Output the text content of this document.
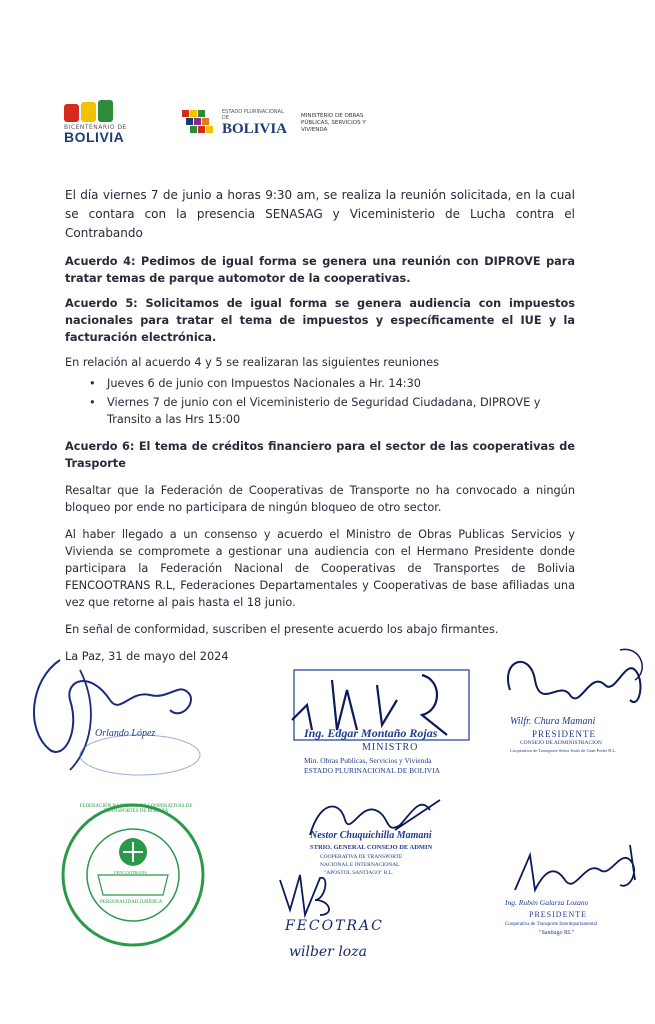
BICENTENARIO DE
BOLIVIA
ESTADO PLURINACIONAL DE
BOLIVIA
MINISTERIO DE OBRAS
PÚBLICAS, SERVICIOS Y VIVIENDA

El día viernes 7 de junio a horas 9:30 am, se realiza la reunión solicitada, en la cual se contara con la presencia SENASAG y Viceministerio de Lucha contra el Contrabando

Acuerdo 4: Pedimos de igual forma se genera una reunión con DIPROVE para tratar temas de parque automotor de la cooperativas.

Acuerdo 5: Solicitamos de igual forma se genera audiencia con impuestos nacionales para tratar el tema de impuestos y específicamente el IUE y la facturación electrónica.

En relación al acuerdo 4 y 5 se realizaran las siguientes reuniones

• Jueves 6 de junio con Impuestos Nacionales a Hr. 14:30
• Viernes 7 de junio con el Viceministerio de Seguridad Ciudadana, DIPROVE y Transito a las Hrs 15:00

Acuerdo 6: El tema de créditos financiero para el sector de las cooperativas de Trasporte

Resaltar que la Federación de Cooperativas de Transporte no ha convocado a ningún bloqueo por ende no participara de ningún bloqueo de otro sector.

Al haber llegado a un consenso y acuerdo el Ministro de Obras Publicas Servicios y Vivienda se compromete a gestionar una audiencia con el Hermano Presidente donde participara la Federación Nacional de Cooperativas de Transportes de Bolivia FENCOOTRANS R.L, Federaciones Departamentales y Cooperativas de base afiliadas una vez que retorne al pais hasta el 18 junio.

En señal de conformidad, suscriben el presente acuerdo los abajo firmantes.

La Paz, 31 de mayo del 2024

Orlando López	Ing. Edgar Montaño Rojas
MINISTRO
Min. Obras Publicas, Servicios y Vivienda
ESTADO PLURINACIONAL DE BOLIVIA
Wilfr. Chura Mamani
PRESIDENTE
CONSEJO DE ADMINISTRACION
Cooperativa de Transporte Señor Jesús de Gran Poder R.L.
FEDERACIÓN NACIONAL DE COOPERATIVAS DE TRANSPORTES DE BOLIVIA
FENCOOTRANS
PERSONALIDAD JURÍDICA
Nestor Chuquichilla Mamani
STRIO. GENERAL CONSEJO DE ADMIN
COOPERATIVA DE TRANSPORTE
NACIONAL E INTERNACIONAL
"APOSTOL SANTIAGO" R.L.
FECOTRAC
wilber loza
Ing. Rubén Galarza Lozano
PRESIDENTE
Cooperativa de Transporte Interdepartamental
"Santiago RL"
